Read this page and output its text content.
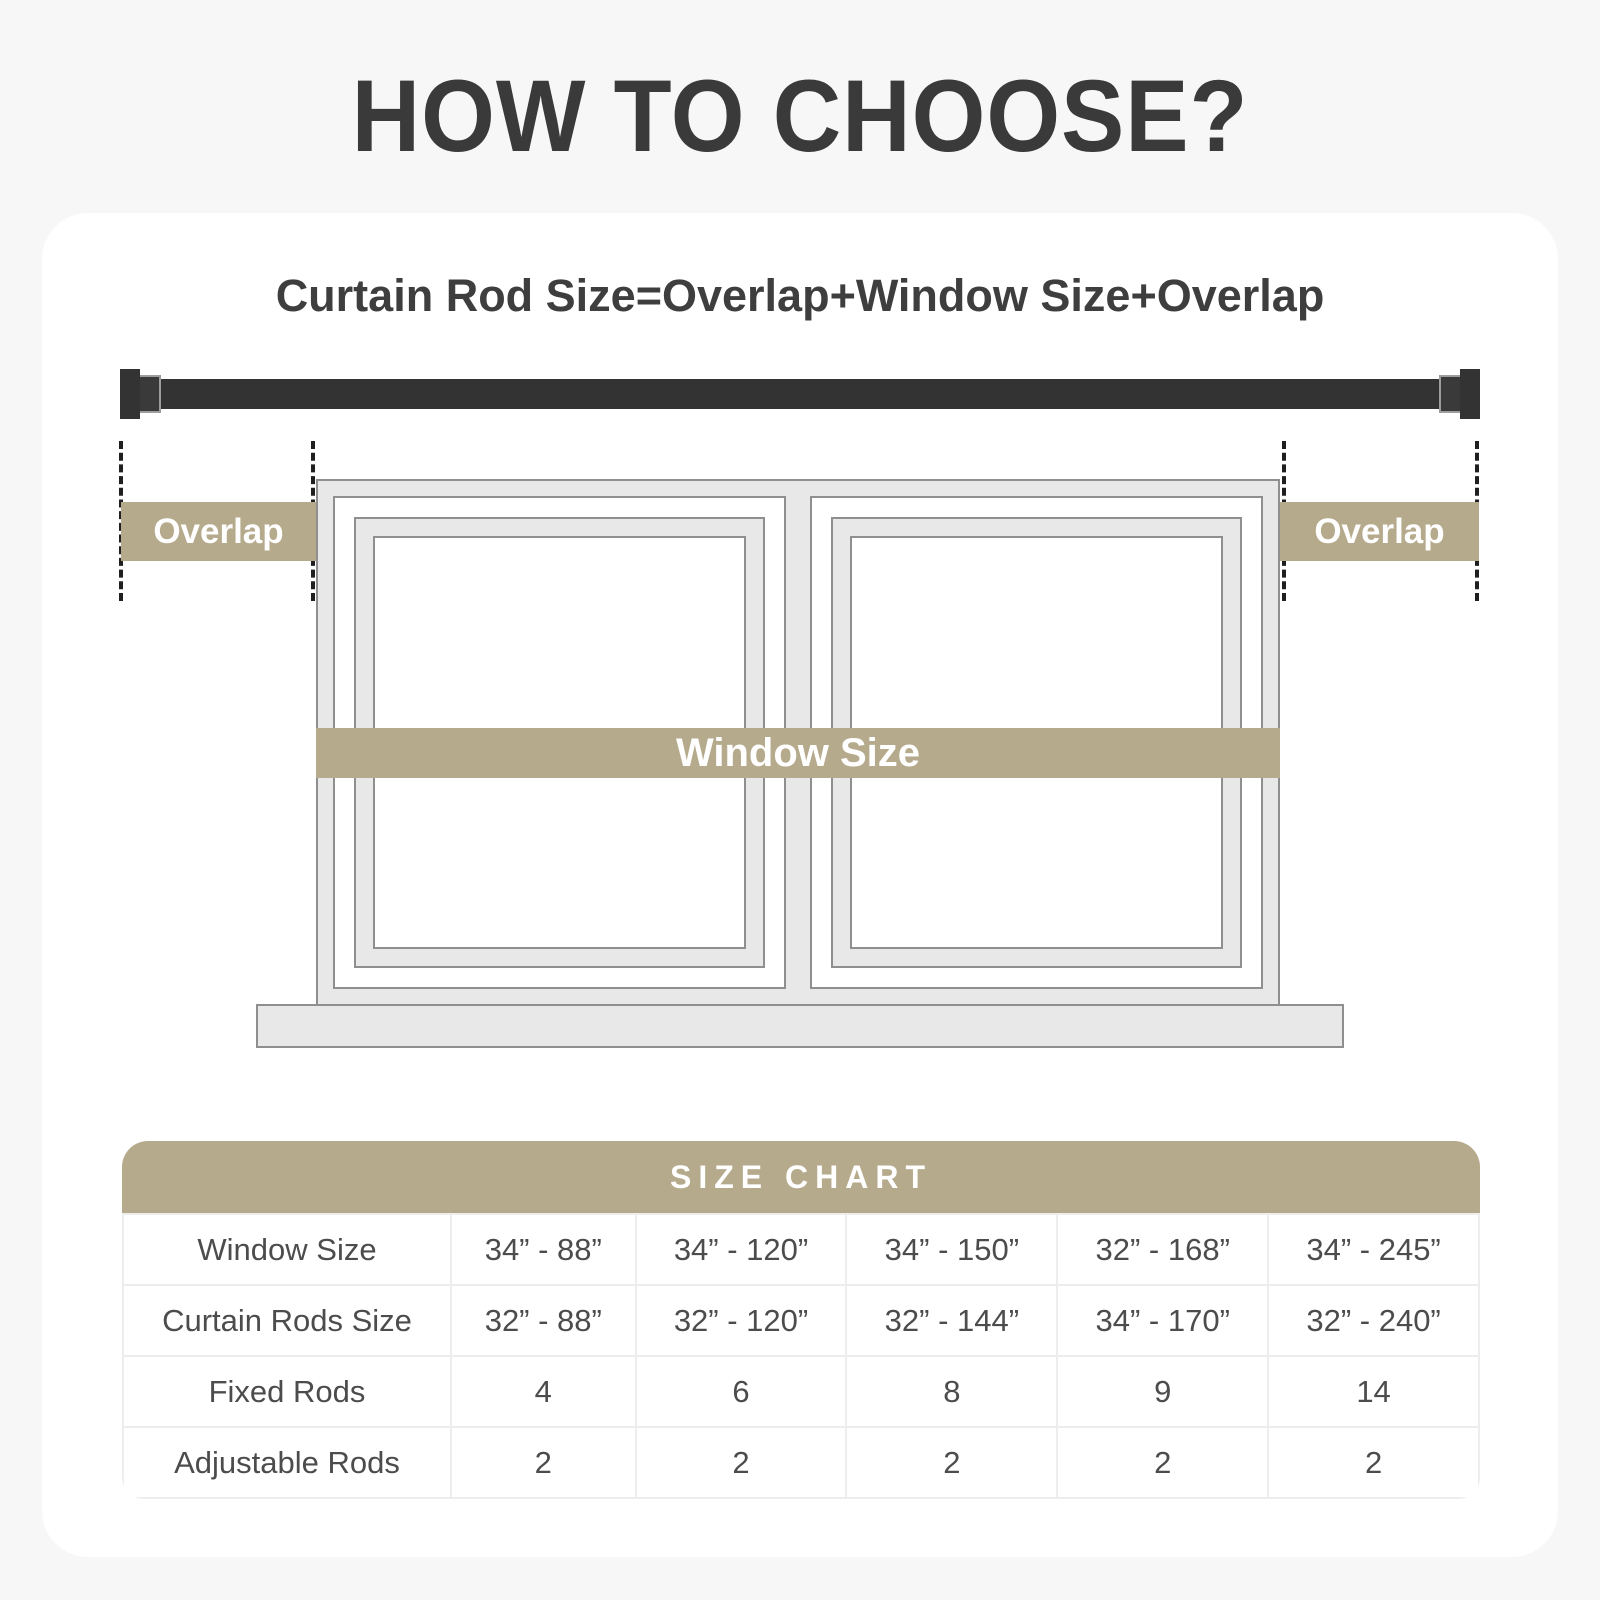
HOW TO CHOOSE?
Curtain Rod Size=Overlap+Window Size+Overlap
Overlap	Overlap
Window Size
SIZE CHART
Window Size	34” - 88”	34” - 120”	34” - 150”	32” - 168”	34” - 245”
Curtain Rods Size	32” - 88”	32” - 120”	32” - 144”	34” - 170”	32” - 240”
Fixed Rods	4	6	8	9	14
Adjustable Rods	2	2	2	2	2
